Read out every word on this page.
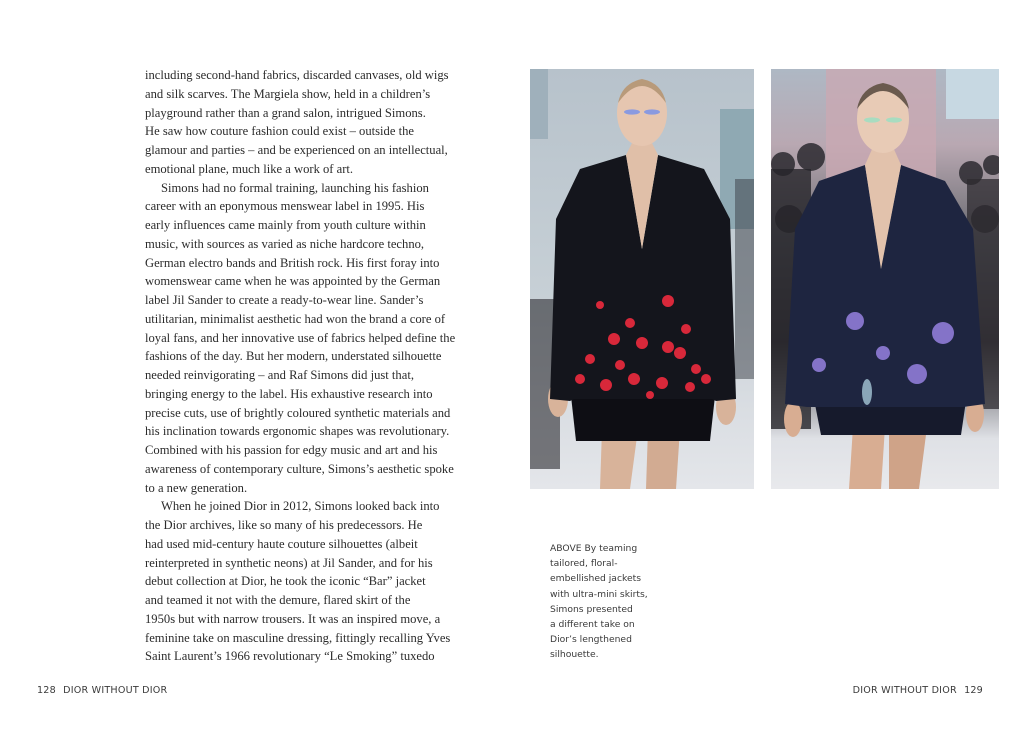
including second-hand fabrics, discarded canvases, old wigs
and silk scarves. The Margiela show, held in a children’s
playground rather than a grand salon, intrigued Simons.
He saw how couture fashion could exist – outside the
glamour and parties – and be experienced on an intellectual,
emotional plane, much like a work of art.
Simons had no formal training, launching his fashion
career with an eponymous menswear label in 1995. His
early influences came mainly from youth culture within
music, with sources as varied as niche hardcore techno,
German electro bands and British rock. His first foray into
womenswear came when he was appointed by the German
label Jil Sander to create a ready-to-wear line. Sander’s
utilitarian, minimalist aesthetic had won the brand a core of
loyal fans, and her innovative use of fabrics helped define the
fashions of the day. But her modern, understated silhouette
needed reinvigorating – and Raf Simons did just that,
bringing energy to the label. His exhaustive research into
precise cuts, use of brightly coloured synthetic materials and
his inclination towards ergonomic shapes was revolutionary.
Combined with his passion for edgy music and art and his
awareness of contemporary culture, Simons’s aesthetic spoke
to a new generation.
When he joined Dior in 2012, Simons looked back into
the Dior archives, like so many of his predecessors. He
had used mid-century haute couture silhouettes (albeit
reinterpreted in synthetic neons) at Jil Sander, and for his
debut collection at Dior, he took the iconic “Bar” jacket
and teamed it not with the demure, flared skirt of the
1950s but with narrow trousers. It was an inspired move, a
feminine take on masculine dressing, fittingly recalling Yves
Saint Laurent’s 1966 revolutionary “Le Smoking” tuxedo
ABOVE By teaming
tailored, floral-
embellished jackets
with ultra-mini skirts,
Simons presented
a different take on
Dior’s lengthened
silhouette.
128 DIOR WITHOUT DIOR	DIOR WITHOUT DIOR 129
